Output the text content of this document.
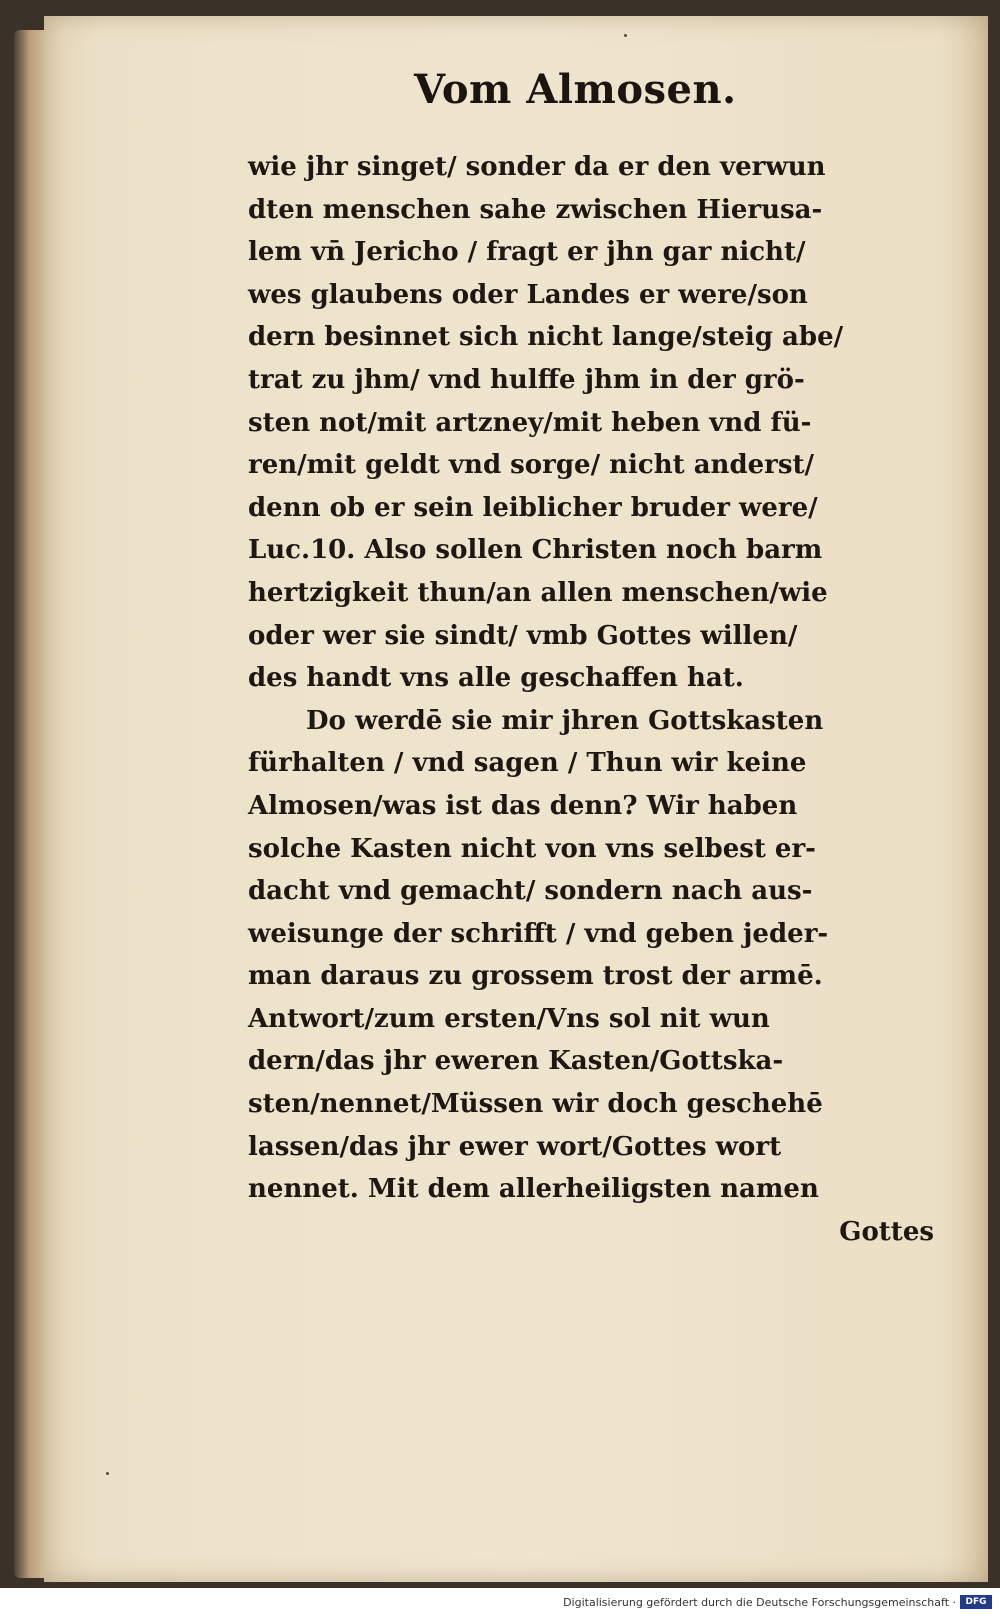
Vom Almosen.
wie jhr singet/ sonder da er den verwun
dten menschen sahe zwischen Hierusa-
lem vn̄ Jericho / fragt er jhn gar nicht/
wes glaubens oder Landes er were/son
dern besinnet sich nicht lange/steig abe/
trat zu jhm/ vnd hulffe jhm in der grö-
sten not/mit artzney/mit heben vnd fü-
ren/mit geldt vnd sorge/ nicht anderst/
denn ob er sein leiblicher bruder were/
Luc.10. Also sollen Christen noch barm
hertzigkeit thun/an allen menschen/wie
oder wer sie sindt/ vmb Gottes willen/
des handt vns alle geschaffen hat.
Do werdē sie mir jhren Gottskasten
fürhalten / vnd sagen / Thun wir keine
Almosen/was ist das denn? Wir haben
solche Kasten nicht von vns selbest er-
dacht vnd gemacht/ sondern nach aus-
weisunge der schrifft / vnd geben jeder-
man daraus zu grossem trost der armē.
Antwort/zum ersten/Vns sol nit wun
dern/das jhr eweren Kasten/Gottska-
sten/nennet/Müssen wir doch geschehē
lassen/das jhr ewer wort/Gottes wort
nennet. Mit dem allerheiligsten namen
Gottes
Digitalisierung gefördert durch die Deutsche Forschungsgemeinschaft ·	DFG
